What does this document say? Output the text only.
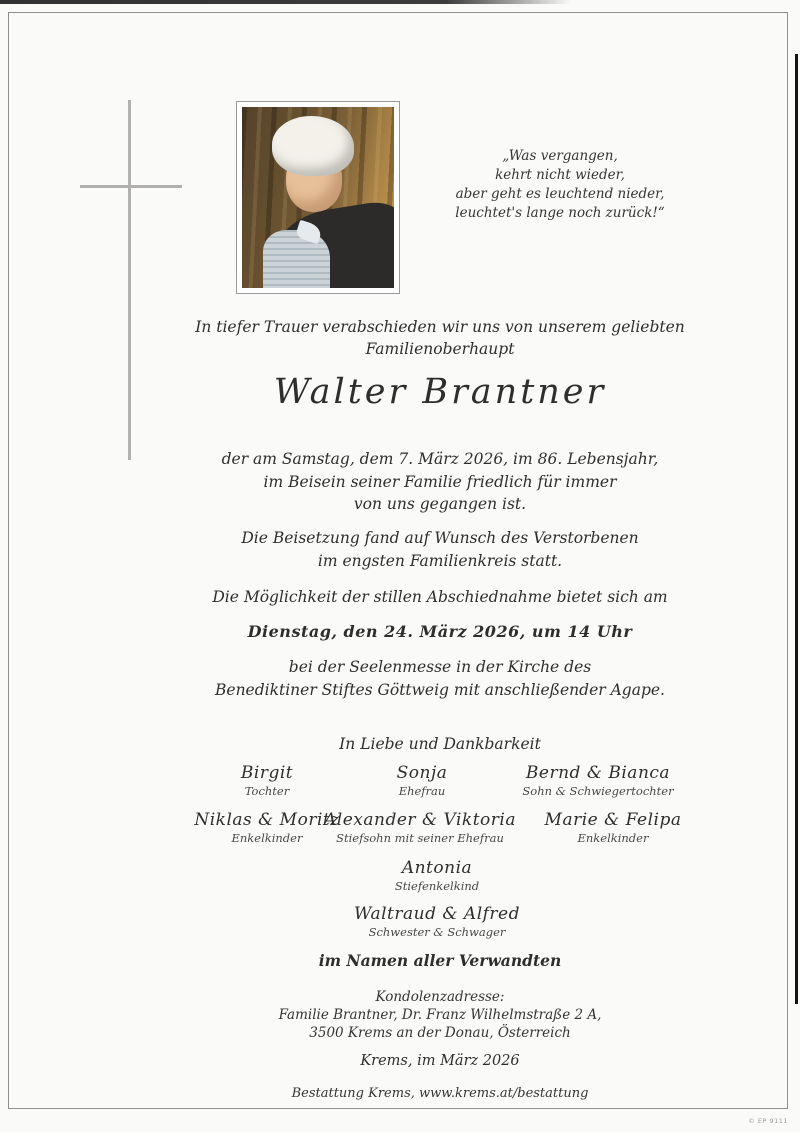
© EP 9111
„Was vergangen,
kehrt nicht wieder,
aber geht es leuchtend nieder,
leuchtet's lange noch zurück!“
In tiefer Trauer verabschieden wir uns von unserem geliebten
Familienoberhaupt
Walter Brantner
der am Samstag, dem 7. März 2026, im 86. Lebensjahr,
im Beisein seiner Familie friedlich für immer
von uns gegangen ist.
Die Beisetzung fand auf Wunsch des Verstorbenen
im engsten Familienkreis statt.
Die Möglichkeit der stillen Abschiednahme bietet sich am
Dienstag, den 24. März 2026, um 14 Uhr
bei der Seelenmesse in der Kirche des
Benediktiner Stiftes Göttweig mit anschließender Agape.
In Liebe und Dankbarkeit
Birgit
Tochter
Sonja
Ehefrau
Bernd & Bianca
Sohn & Schwiegertochter
Niklas & Moritz
Enkelkinder
Alexander & Viktoria
Stiefsohn mit seiner Ehefrau
Marie & Felipa
Enkelkinder
Antonia
Stiefenkelkind
Waltraud & Alfred
Schwester & Schwager
im Namen aller Verwandten
Kondolenzadresse:
Familie Brantner, Dr. Franz Wilhelmstraße 2 A,
3500 Krems an der Donau, Österreich
Krems, im März 2026
Bestattung Krems, www.krems.at/bestattung
